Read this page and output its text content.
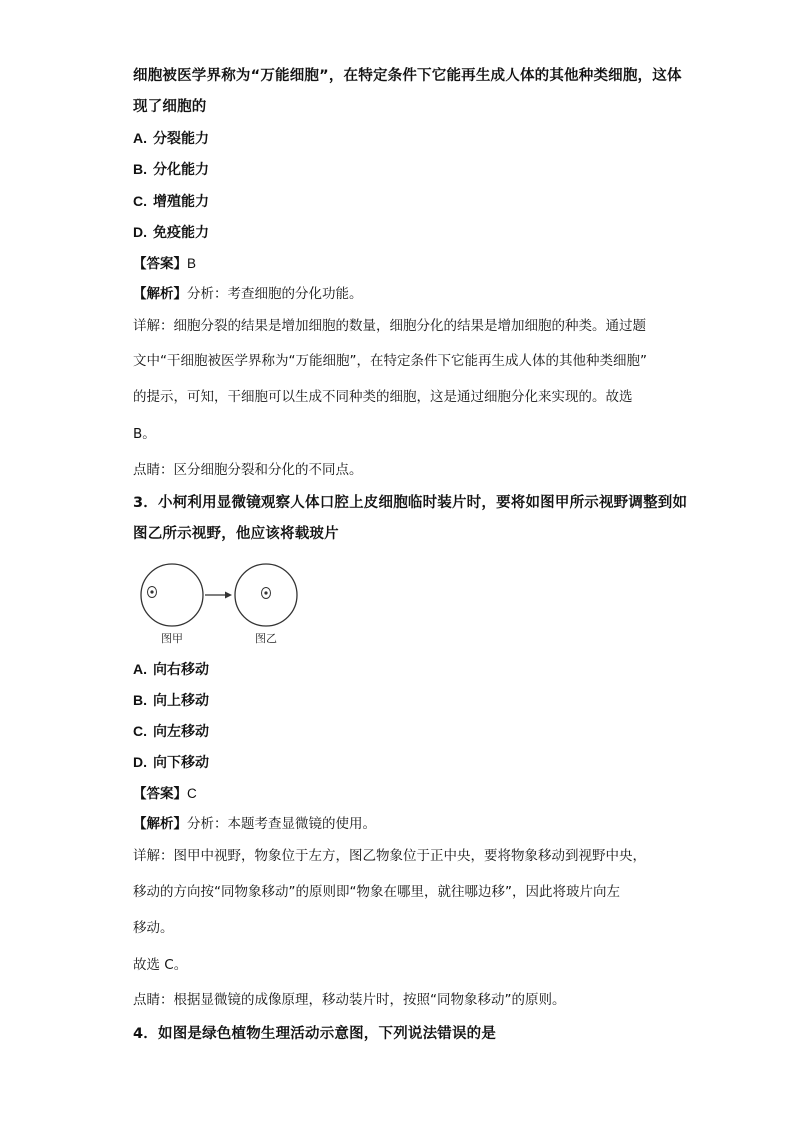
细胞被医学界称为“万能细胞”，在特定条件下它能再生成人体的其他种类细胞，这体
现了细胞的
A. 分裂能力
B. 分化能力
C. 增殖能力
D. 免疫能力
【答案】B
【解析】分析：考查细胞的分化功能。
详解：细胞分裂的结果是增加细胞的数量，细胞分化的结果是增加细胞的种类。通过题
文中“干细胞被医学界称为“万能细胞”，在特定条件下它能再生成人体的其他种类细胞”
的提示，可知，干细胞可以生成不同种类的细胞，这是通过细胞分化来实现的。故选
B。
点睛：区分细胞分裂和分化的不同点。
3．小柯利用显微镜观察人体口腔上皮细胞临时装片时，要将如图甲所示视野调整到如
图乙所示视野，他应该将载玻片
图甲	图乙
A. 向右移动
B. 向上移动
C. 向左移动
D. 向下移动
【答案】C
【解析】分析：本题考查显微镜的使用。
详解：图甲中视野，物象位于左方，图乙物象位于正中央，要将物象移动到视野中央，
移动的方向按“同物象移动”的原则即“物象在哪里，就往哪边移”，因此将玻片向左
移动。
故选 C。
点睛：根据显微镜的成像原理，移动装片时，按照“同物象移动”的原则。
4．如图是绿色植物生理活动示意图，下列说法错误的是
